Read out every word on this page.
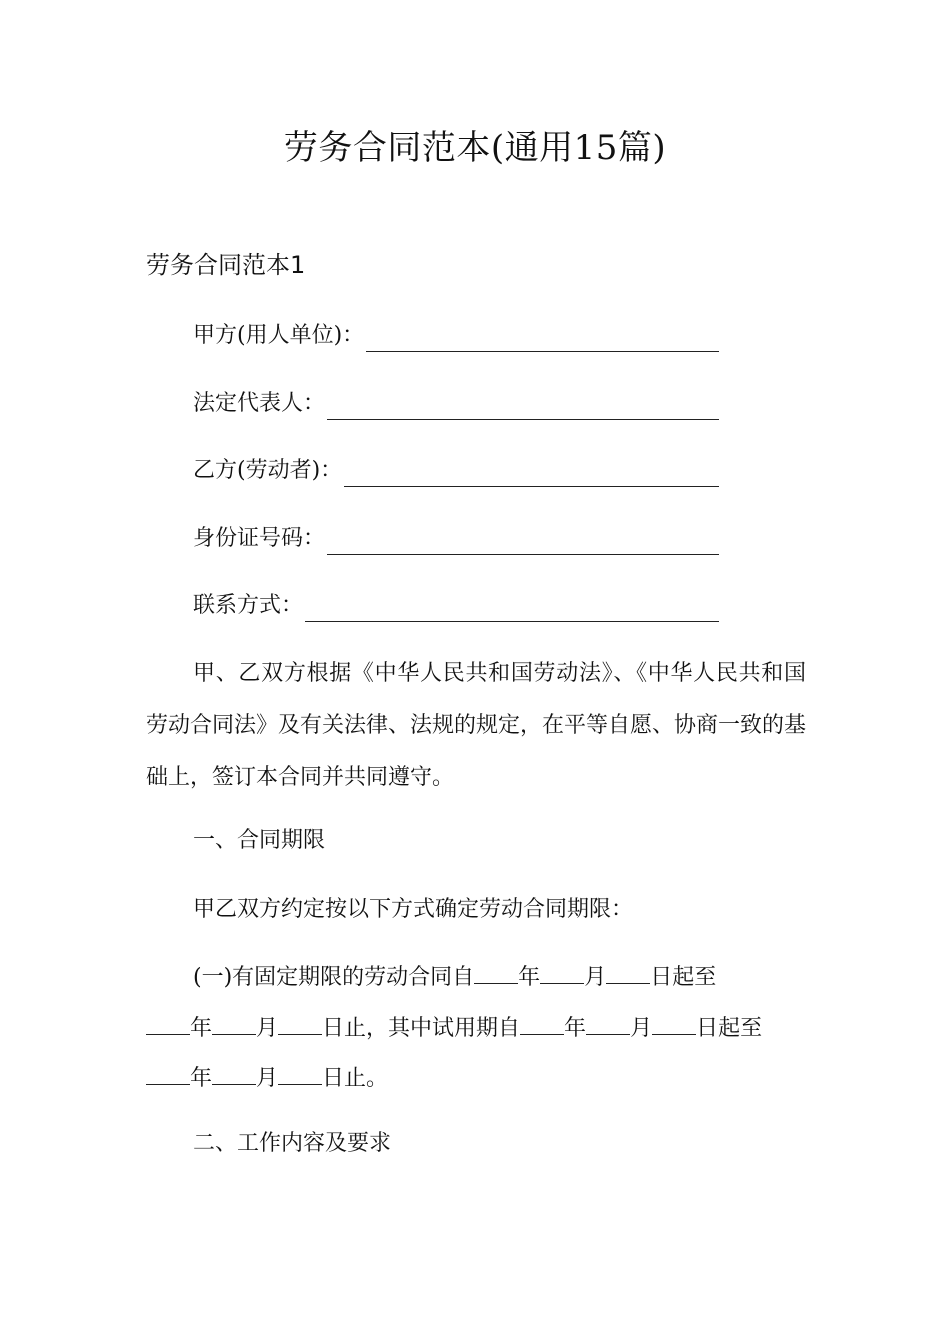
劳务合同范本(通用15篇)
劳务合同范本1
甲方(用人单位)：
法定代表人：
乙方(劳动者)：
身份证号码：
联系方式：

甲、乙双方根据《中华人民共和国劳动法》、《中华人民共和国劳动合同法》及有关法律、法规的规定，在平等自愿、协商一致的基础上，签订本合同并共同遵守。

一、合同期限
甲乙双方约定按以下方式确定劳动合同期限：
(一)有固定期限的劳动合同自 年 月 日起至
年 月 日止，其中试用期自 年 月 日起至
年 月 日止。
二、工作内容及要求
